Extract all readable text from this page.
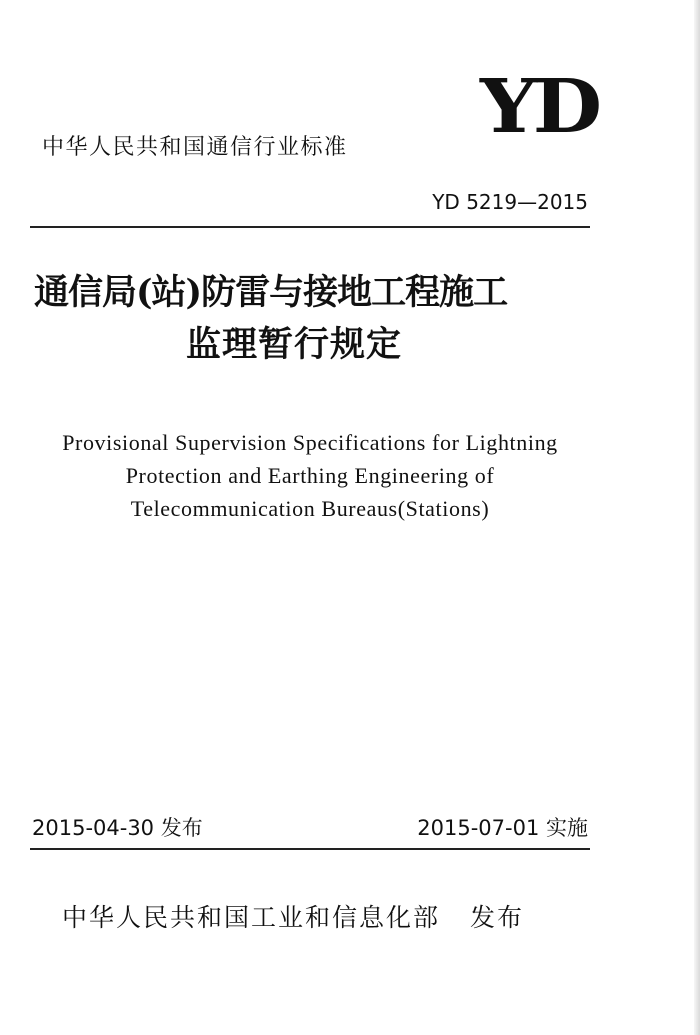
中华人民共和国通信行业标准 YD
YD 5219—2015
通信局(站)防雷与接地工程施工
监理暂行规定
Provisional Supervision Specifications for Lightning
Protection and Earthing Engineering of
Telecommunication Bureaus(Stations)
2015-04-30 发布	2015-07-01 实施
中华人民共和国工业和信息化部 发布
